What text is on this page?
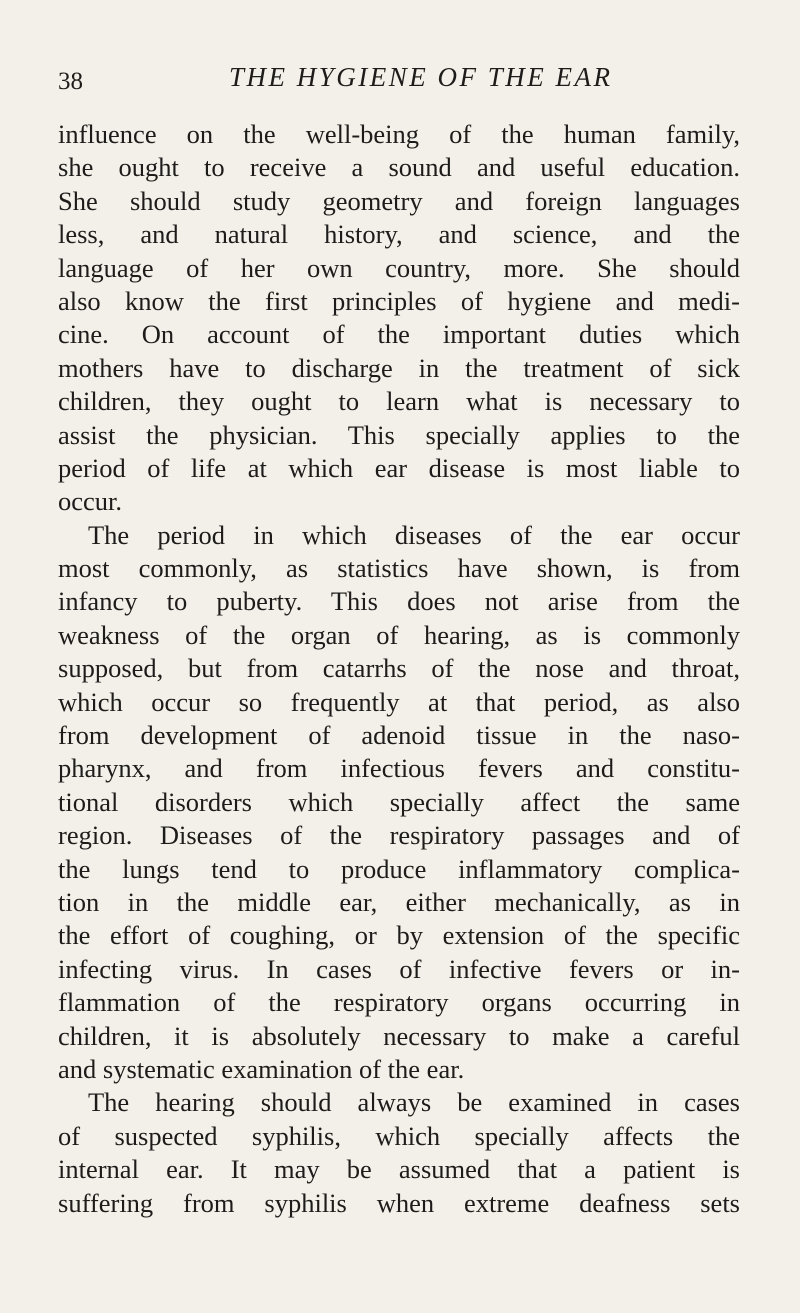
38	THE HYGIENE OF THE EAR
influence on the well-being of the human family,
she ought to receive a sound and useful education.
She should study geometry and foreign languages
less, and natural history, and science, and the
language of her own country, more. She should
also know the first principles of hygiene and medi-
cine. On account of the important duties which
mothers have to discharge in the treatment of sick
children, they ought to learn what is necessary to
assist the physician. This specially applies to the
period of life at which ear disease is most liable to
occur.
The period in which diseases of the ear occur
most commonly, as statistics have shown, is from
infancy to puberty. This does not arise from the
weakness of the organ of hearing, as is commonly
supposed, but from catarrhs of the nose and throat,
which occur so frequently at that period, as also
from development of adenoid tissue in the naso-
pharynx, and from infectious fevers and constitu-
tional disorders which specially affect the same
region. Diseases of the respiratory passages and of
the lungs tend to produce inflammatory complica-
tion in the middle ear, either mechanically, as in
the effort of coughing, or by extension of the specific
infecting virus. In cases of infective fevers or in-
flammation of the respiratory organs occurring in
children, it is absolutely necessary to make a careful
and systematic examination of the ear.
The hearing should always be examined in cases
of suspected syphilis, which specially affects the
internal ear. It may be assumed that a patient is
suffering from syphilis when extreme deafness sets
